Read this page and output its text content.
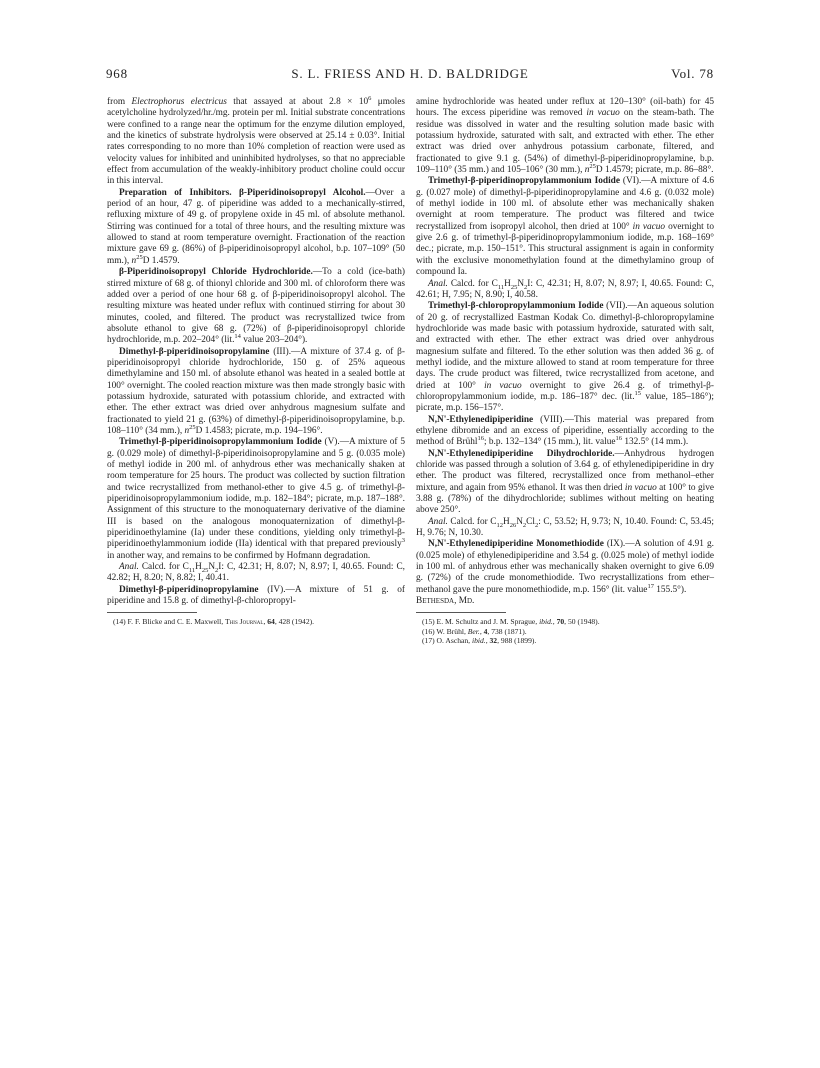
968	S. L. FRIESS AND H. D. BALDRIDGE	Vol. 78

from Electrophorus electricus that assayed at about $2.8 \times 10^6$ μmoles acetylcholine hydrolyzed/hr./mg. protein per ml. Initial substrate concentrations were confined to a range near the optimum for the enzyme dilution employed, and the kinetics of substrate hydrolysis were observed at 25.14 ± 0.03°. Initial rates corresponding to no more than 10% completion of reaction were used as velocity values for inhibited and uninhibited hydrolyses, so that no appreciable effect from accumulation of the weakly-inhibitory product choline could occur in this interval.

Preparation of Inhibitors. β-Piperidinoisopropyl Alcohol.—Over a period of an hour, 47 g. of piperidine was added to a mechanically-stirred, refluxing mixture of 49 g. of propylene oxide in 45 ml. of absolute methanol. Stirring was continued for a total of three hours, and the resulting mixture was allowed to stand at room temperature overnight. Fractionation of the reaction mixture gave 69 g. (86%) of β-piperidinoisopropyl alcohol, b.p. 107–109° (50 mm.), $n^{25}D$ 1.4579.

β-Piperidinoisopropyl Chloride Hydrochloride.—To a cold (ice-bath) stirred mixture of 68 g. of thionyl chloride and 300 ml. of chloroform there was added over a period of one hour 68 g. of β-piperidinoisopropyl alcohol. The resulting mixture was heated under reflux with continued stirring for about 30 minutes, cooled, and filtered. The product was recrystallized twice from absolute ethanol to give 68 g. (72%) of β-piperidinoisopropyl chloride hydrochloride, m.p. 202–204° (lit.$^{14}$ value 203–204°).

Dimethyl-β-piperidinoisopropylamine (III).—A mixture of 37.4 g. of β-piperidinoisopropyl chloride hydrochloride, 150 g. of 25% aqueous dimethylamine and 150 ml. of absolute ethanol was heated in a sealed bottle at 100° overnight. The cooled reaction mixture was then made strongly basic with potassium hydroxide, saturated with potassium chloride, and extracted with ether. The ether extract was dried over anhydrous magnesium sulfate and fractionated to yield 21 g. (63%) of dimethyl-β-piperidinoisopropylamine, b.p. 108–110° (34 mm.), $n^{25}D$ 1.4583; picrate, m.p. 194–196°.

Trimethyl-β-piperidinoisopropylammonium Iodide (V).—A mixture of 5 g. (0.029 mole) of dimethyl-β-piperidinoisopropylamine and 5 g. (0.035 mole) of methyl iodide in 200 ml. of anhydrous ether was mechanically shaken at room temperature for 25 hours. The product was collected by suction filtration and twice recrystallized from methanol-ether to give 4.5 g. of trimethyl-β-piperidinoisopropylammonium iodide, m.p. 182–184°; picrate, m.p. 187–188°. Assignment of this structure to the monoquaternary derivative of the diamine III is based on the analogous monoquaternization of dimethyl-β-piperidinoethylamine (Ia) under these conditions, yielding only trimethyl-β-piperidinoethylammonium iodide (IIa) identical with that prepared previously$^3$ in another way, and remains to be confirmed by Hofmann degradation.

Anal. Calcd. for $C_{11}H_{25}N_2I$: C, 42.31; H, 8.07; N, 8.97; I, 40.65. Found: C, 42.82; H, 8.20; N, 8.82; I, 40.41.

Dimethyl-β-piperidinopropylamine (IV).—A mixture of 51 g. of piperidine and 15.8 g. of dimethyl-β-chloropropyl-

(14) F. F. Blicke and C. E. Maxwell, This Journal, 64, 428 (1942).

amine hydrochloride was heated under reflux at 120–130° (oil-bath) for 45 hours. The excess piperidine was removed in vacuo on the steam-bath. The residue was dissolved in water and the resulting solution made basic with potassium hydroxide, saturated with salt, and extracted with ether. The ether extract was dried over anhydrous potassium carbonate, filtered, and fractionated to give 9.1 g. (54%) of dimethyl-β-piperidinopropylamine, b.p. 109–110° (35 mm.) and 105–106° (30 mm.), $n^{25}D$ 1.4579; picrate, m.p. 86–88°.

Trimethyl-β-piperidinopropylammonium Iodide (VI).—A mixture of 4.6 g. (0.027 mole) of dimethyl-β-piperidinopropylamine and 4.6 g. (0.032 mole) of methyl iodide in 100 ml. of absolute ether was mechanically shaken overnight at room temperature. The product was filtered and twice recrystallized from isopropyl alcohol, then dried at 100° in vacuo overnight to give 2.6 g. of trimethyl-β-piperidinopropylammonium iodide, m.p. 168–169° dec.; picrate, m.p. 150–151°. This structural assignment is again in conformity with the exclusive monomethylation found at the dimethylamino group of compound Ia.

Anal. Calcd. for $C_{11}H_{25}N_2I$: C, 42.31; H, 8.07; N, 8.97; I, 40.65. Found: C, 42.61; H, 7.95; N, 8.90; I, 40.58.

Trimethyl-β-chloropropylammonium Iodide (VII).—An aqueous solution of 20 g. of recrystallized Eastman Kodak Co. dimethyl-β-chloropropylamine hydrochloride was made basic with potassium hydroxide, saturated with salt, and extracted with ether. The ether extract was dried over anhydrous magnesium sulfate and filtered. To the ether solution was then added 36 g. of methyl iodide, and the mixture allowed to stand at room temperature for three days. The crude product was filtered, twice recrystallized from acetone, and dried at 100° in vacuo overnight to give 26.4 g. of trimethyl-β-chloropropylammonium iodide, m.p. 186–187° dec. (lit.$^{15}$ value, 185–186°); picrate, m.p. 156–157°.

N,N'-Ethylenedipiperidine (VIII).—This material was prepared from ethylene dibromide and an excess of piperidine, essentially according to the method of Brühl$^{16}$; b.p. 132–134° (15 mm.), lit. value$^{16}$ 132.5° (14 mm.).

N,N'-Ethylenedipiperidine Dihydrochloride.—Anhydrous hydrogen chloride was passed through a solution of 3.64 g. of ethylenedipiperidine in dry ether. The product was filtered, recrystallized once from methanol–ether mixture, and again from 95% ethanol. It was then dried in vacuo at 100° to give 3.88 g. (78%) of the dihydrochloride; sublimes without melting on heating above 250°.

Anal. Calcd. for $C_{12}H_{26}N_2Cl_2$: C, 53.52; H, 9.73; N, 10.40. Found: C, 53.45; H, 9.76; N, 10.30.

N,N'-Ethylenedipiperidine Monomethiodide (IX).—A solution of 4.91 g. (0.025 mole) of ethylenedipiperidine and 3.54 g. (0.025 mole) of methyl iodide in 100 ml. of anhydrous ether was mechanically shaken overnight to give 6.09 g. (72%) of the crude monomethiodide. Two recrystallizations from ether–methanol gave the pure monomethiodide, m.p. 156° (lit. value$^{17}$ 155.5°).

Bethesda, Md.

(15) E. M. Schultz and J. M. Sprague, ibid., 70, 50 (1948).

(16) W. Brühl, Ber., 4, 738 (1871).

(17) O. Aschan, ibid., 32, 988 (1899).
